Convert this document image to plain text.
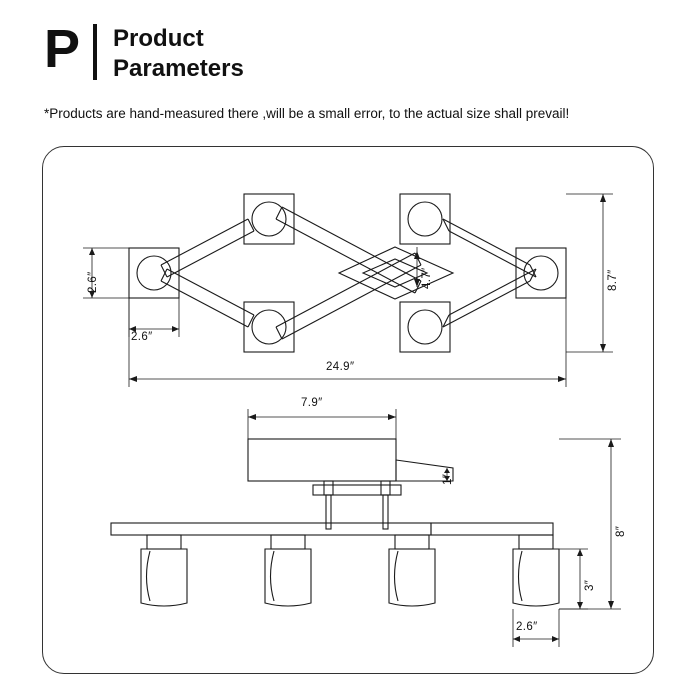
P	Product
Parameters
*Products are hand-measured there ,will be a small error, to the actual size shall prevail!
2.6″
2.6″
4.7″	8.7″
24.9″
7.9″
1″
8″
3″
2.6″
